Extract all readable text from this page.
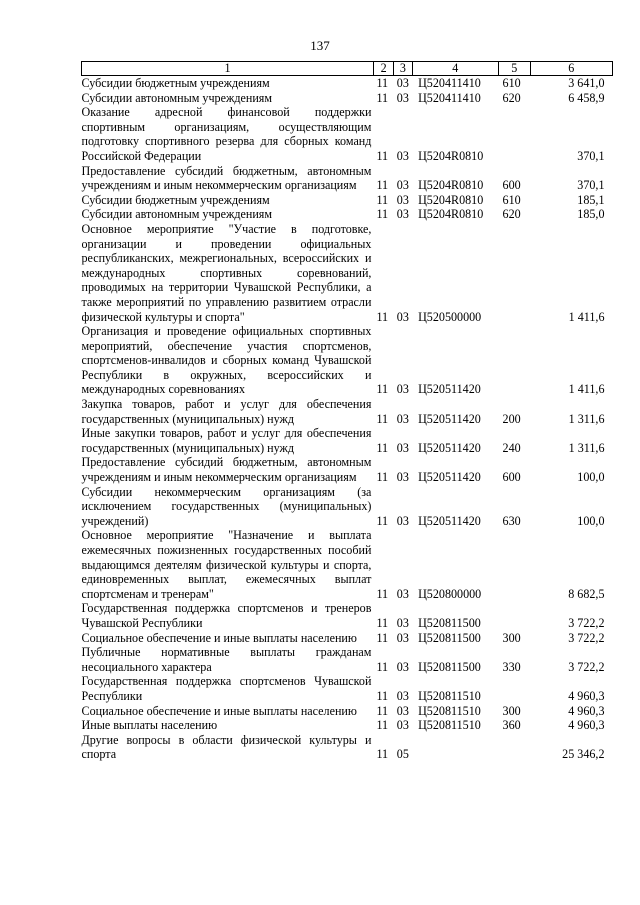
137
1	2	3	4	5	6
Субсидии бюджетным учреждениям	11	03	Ц520411410	610	3 641,0
Субсидии автономным учреждениям	11	03	Ц520411410	620	6 458,9
Оказание адресной финансовой поддержки спортивным организациям, осуществляющим подготовку спортивного резерва для сборных команд Российской Федерации	11	03	Ц5204R0810		370,1
Предоставление субсидий бюджетным, автономным учреждениям и иным некоммерческим организациям	11	03	Ц5204R0810	600	370,1
Субсидии бюджетным учреждениям	11	03	Ц5204R0810	610	185,1
Субсидии автономным учреждениям	11	03	Ц5204R0810	620	185,0
Основное мероприятие "Участие в подготовке, организации и проведении официальных республиканских, межрегиональных, всероссийских и международных спортивных соревнований, проводимых на территории Чувашской Республики, а также мероприятий по управлению развитием отрасли физической культуры и спорта"	11	03	Ц520500000		1 411,6
Организация и проведение официальных спортивных мероприятий, обеспечение участия спортсменов, спортсменов-инвалидов и сборных команд Чувашской Республики в окружных, всероссийских и международных соревнованиях	11	03	Ц520511420		1 411,6
Закупка товаров, работ и услуг для обеспечения государственных (муниципальных) нужд	11	03	Ц520511420	200	1 311,6
Иные закупки товаров, работ и услуг для обеспечения государственных (муниципальных) нужд	11	03	Ц520511420	240	1 311,6
Предоставление субсидий бюджетным, автономным учреждениям и иным некоммерческим организациям	11	03	Ц520511420	600	100,0
Субсидии некоммерческим организациям (за исключением государственных (муниципальных) учреждений)	11	03	Ц520511420	630	100,0
Основное мероприятие "Назначение и выплата ежемесячных пожизненных государственных пособий выдающимся деятелям физической культуры и спорта, единовременных выплат, ежемесячных выплат спортсменам и тренерам"	11	03	Ц520800000		8 682,5
Государственная поддержка спортсменов и тренеров Чувашской Республики	11	03	Ц520811500		3 722,2
Социальное обеспечение и иные выплаты населению	11	03	Ц520811500	300	3 722,2
Публичные нормативные выплаты гражданам несоциального характера	11	03	Ц520811500	330	3 722,2
Государственная поддержка спортсменов Чувашской Республики	11	03	Ц520811510		4 960,3
Социальное обеспечение и иные выплаты населению	11	03	Ц520811510	300	4 960,3
Иные выплаты населению	11	03	Ц520811510	360	4 960,3
Другие вопросы в области физической культуры и спорта	11	05			25 346,2
